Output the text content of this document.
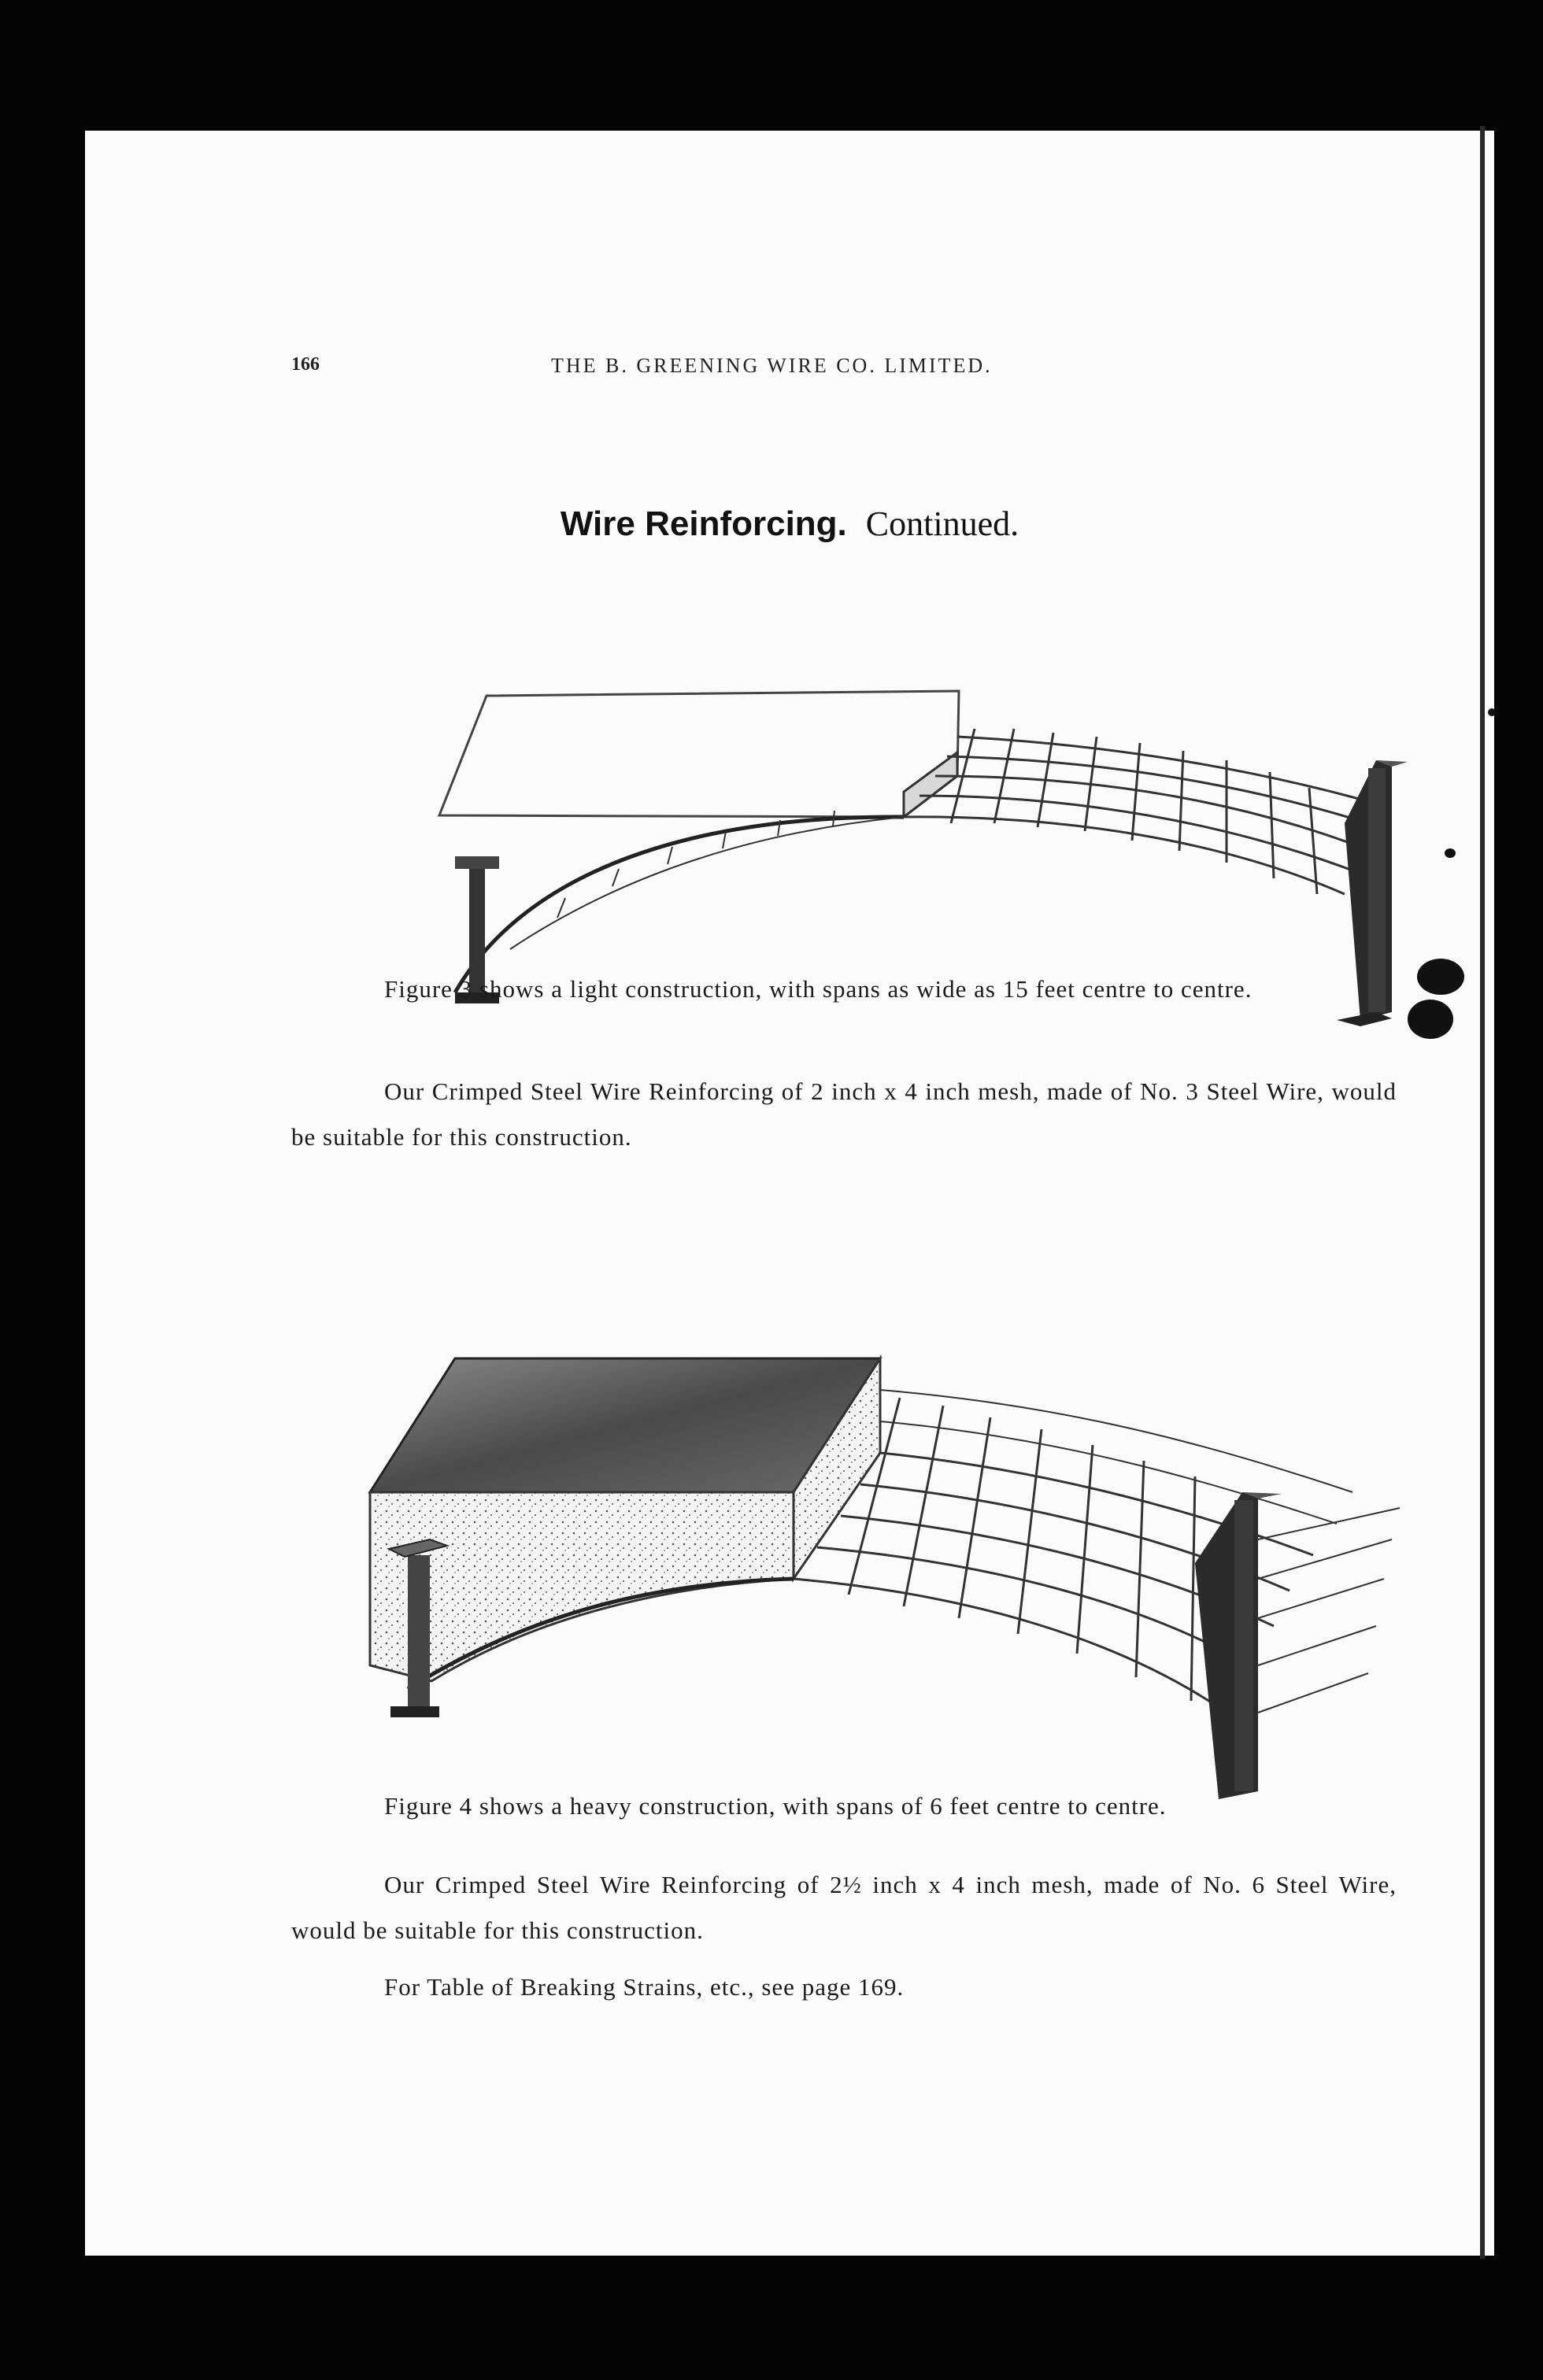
166	THE B. GREENING WIRE CO. LIMITED.
Wire Reinforcing. Continued.

Figure 3 shows a light construction, with spans as wide as 15 feet centre to centre.

Our Crimped Steel Wire Reinforcing of 2 inch x 4 inch mesh, made of No. 3 Steel Wire, would be suitable for this construction.

Figure 4 shows a heavy construction, with spans of 6 feet centre to centre.

Our Crimped Steel Wire Reinforcing of 2½ inch x 4 inch mesh, made of No. 6 Steel Wire, would be suitable for this construction.

For Table of Breaking Strains, etc., see page 169.
